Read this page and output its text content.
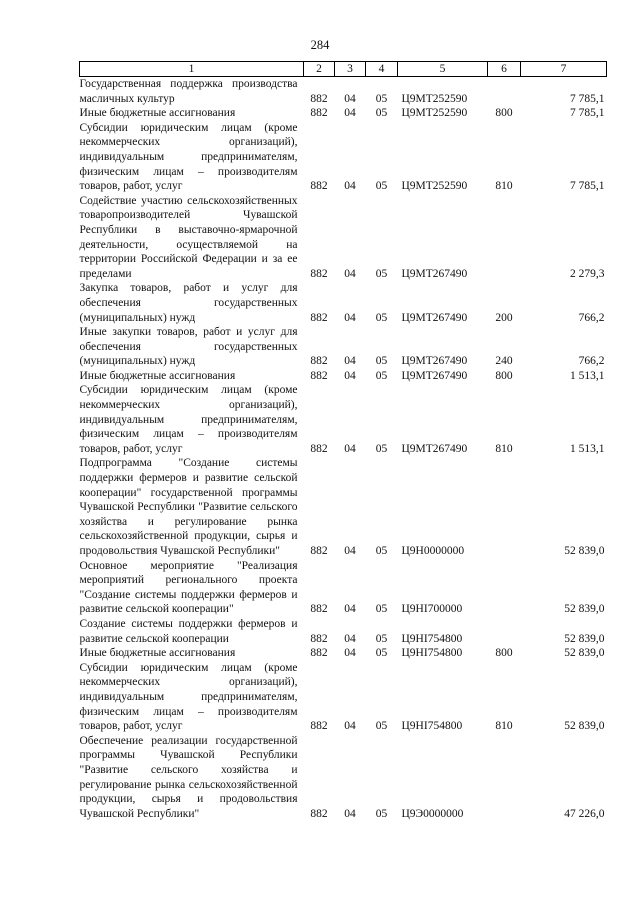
284
1	2	3	4	5	6	7
Государственная поддержка производства масличных культур	882	04	05	Ц9МТ252590		7 785,1
Иные бюджетные ассигнования	882	04	05	Ц9МТ252590	800	7 785,1
Субсидии юридическим лицам (кроме некоммерческих организаций), индивидуальным предпринимателям, физическим лицам – производителям товаров, работ, услуг	882	04	05	Ц9МТ252590	810	7 785,1
Содействие участию сельскохозяйственных товаропроизводителей Чувашской Республики в выставочно-ярмарочной деятельности, осуществляемой на территории Российской Федерации и за ее пределами	882	04	05	Ц9МТ267490		2 279,3
Закупка товаров, работ и услуг для обеспечения государственных (муниципальных) нужд	882	04	05	Ц9МТ267490	200	766,2
Иные закупки товаров, работ и услуг для обеспечения государственных (муниципальных) нужд	882	04	05	Ц9МТ267490	240	766,2
Иные бюджетные ассигнования	882	04	05	Ц9МТ267490	800	1 513,1
Субсидии юридическим лицам (кроме некоммерческих организаций), индивидуальным предпринимателям, физическим лицам – производителям товаров, работ, услуг	882	04	05	Ц9МТ267490	810	1 513,1
Подпрограмма "Создание системы поддержки фермеров и развитие сельской кооперации" государственной программы Чувашской Республики "Развитие сельского хозяйства и регулирование рынка сельскохозяйственной продукции, сырья и продовольствия Чувашской Республики"	882	04	05	Ц9Н0000000		52 839,0
Основное мероприятие "Реализация мероприятий регионального проекта "Создание системы поддержки фермеров и развитие сельской кооперации"	882	04	05	Ц9НI700000		52 839,0
Создание системы поддержки фермеров и развитие сельской кооперации	882	04	05	Ц9НI754800		52 839,0
Иные бюджетные ассигнования	882	04	05	Ц9НI754800	800	52 839,0
Субсидии юридическим лицам (кроме некоммерческих организаций), индивидуальным предпринимателям, физическим лицам – производителям товаров, работ, услуг	882	04	05	Ц9НI754800	810	52 839,0
Обеспечение реализации государственной программы Чувашской Республики "Развитие сельского хозяйства и регулирование рынка сельскохозяйственной продукции, сырья и продовольствия Чувашской Республики"	882	04	05	Ц9Э0000000		47 226,0
